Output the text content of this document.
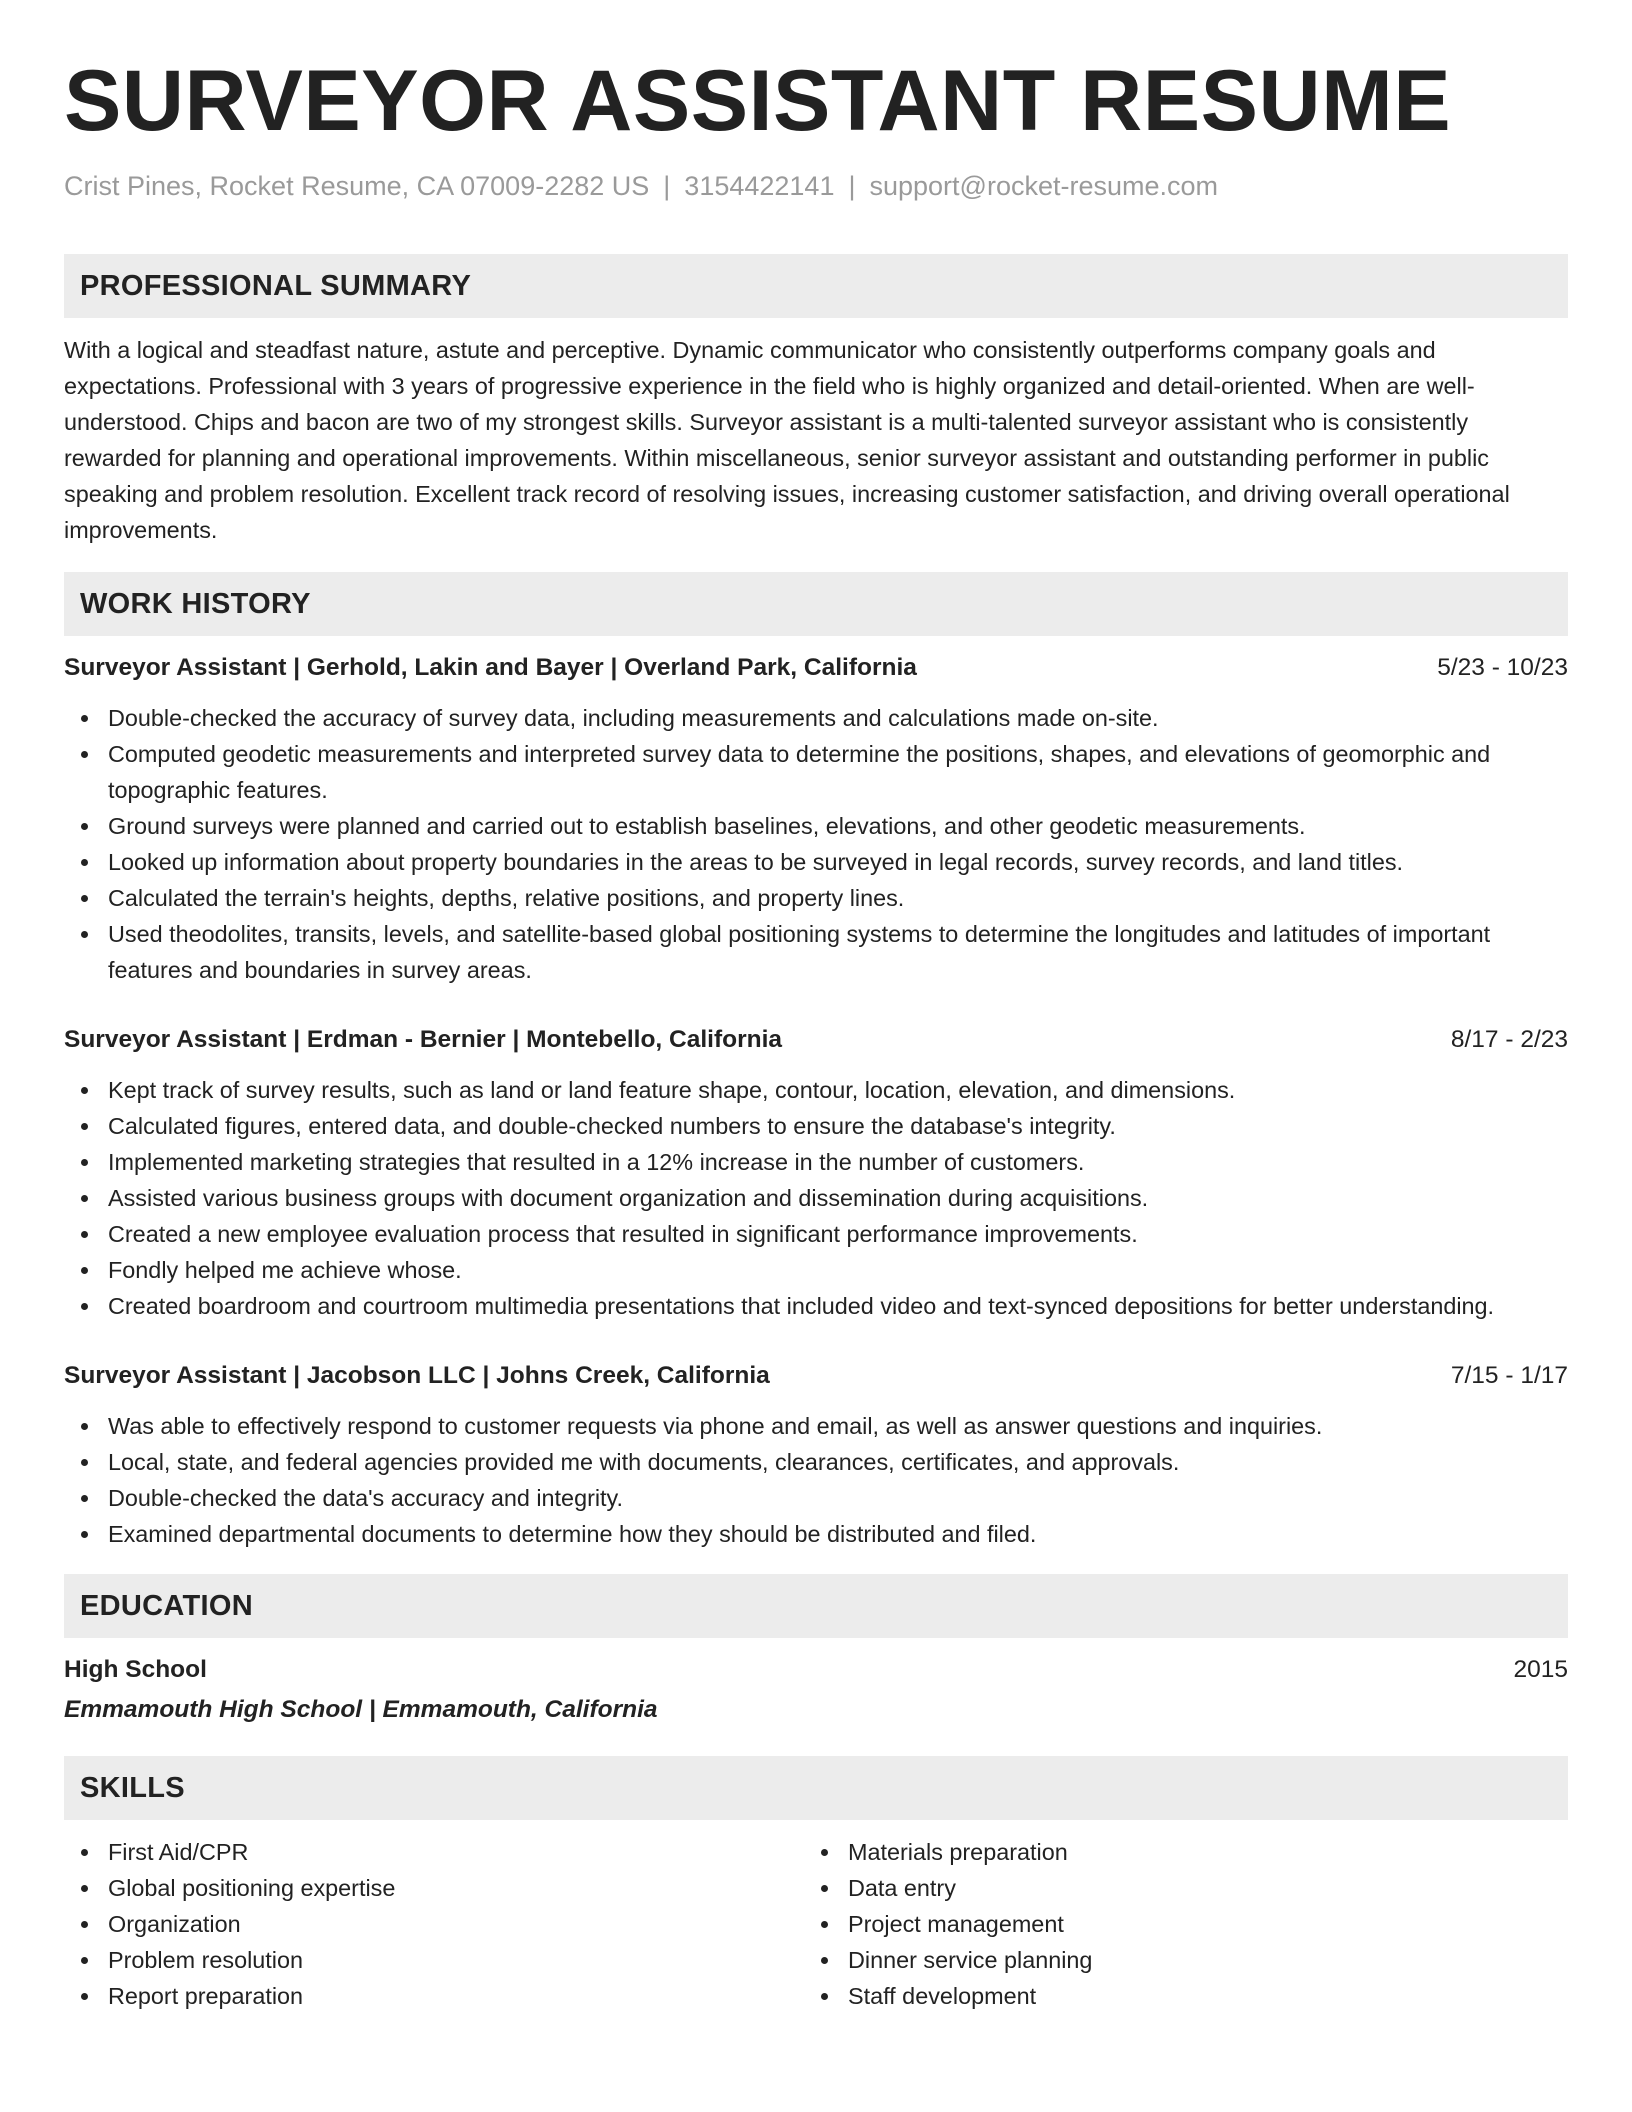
SURVEYOR ASSISTANT RESUME
Crist Pines, Rocket Resume, CA 07009-2282 US | 3154422141 | support@rocket-resume.com
PROFESSIONAL SUMMARY
With a logical and steadfast nature, astute and perceptive. Dynamic communicator who consistently outperforms company goals and expectations. Professional with 3 years of progressive experience in the field who is highly organized and detail-oriented. When are well-understood. Chips and bacon are two of my strongest skills. Surveyor assistant is a multi-talented surveyor assistant who is consistently rewarded for planning and operational improvements. Within miscellaneous, senior surveyor assistant and outstanding performer in public speaking and problem resolution. Excellent track record of resolving issues, increasing customer satisfaction, and driving overall operational improvements.
WORK HISTORY
Surveyor Assistant | Gerhold, Lakin and Bayer | Overland Park, California	5/23 - 10/23
Double-checked the accuracy of survey data, including measurements and calculations made on-site.
Computed geodetic measurements and interpreted survey data to determine the positions, shapes, and elevations of geomorphic and topographic features.
Ground surveys were planned and carried out to establish baselines, elevations, and other geodetic measurements.
Looked up information about property boundaries in the areas to be surveyed in legal records, survey records, and land titles.
Calculated the terrain's heights, depths, relative positions, and property lines.
Used theodolites, transits, levels, and satellite-based global positioning systems to determine the longitudes and latitudes of important features and boundaries in survey areas.
Surveyor Assistant | Erdman - Bernier | Montebello, California	8/17 - 2/23
Kept track of survey results, such as land or land feature shape, contour, location, elevation, and dimensions.
Calculated figures, entered data, and double-checked numbers to ensure the database's integrity.
Implemented marketing strategies that resulted in a 12% increase in the number of customers.
Assisted various business groups with document organization and dissemination during acquisitions.
Created a new employee evaluation process that resulted in significant performance improvements.
Fondly helped me achieve whose.
Created boardroom and courtroom multimedia presentations that included video and text-synced depositions for better understanding.
Surveyor Assistant | Jacobson LLC | Johns Creek, California	7/15 - 1/17
Was able to effectively respond to customer requests via phone and email, as well as answer questions and inquiries.
Local, state, and federal agencies provided me with documents, clearances, certificates, and approvals.
Double-checked the data's accuracy and integrity.
Examined departmental documents to determine how they should be distributed and filed.
EDUCATION
High School	2015
Emmamouth High School | Emmamouth, California
SKILLS
First Aid/CPR
Global positioning expertise
Organization
Problem resolution
Report preparation
Materials preparation
Data entry
Project management
Dinner service planning
Staff development
